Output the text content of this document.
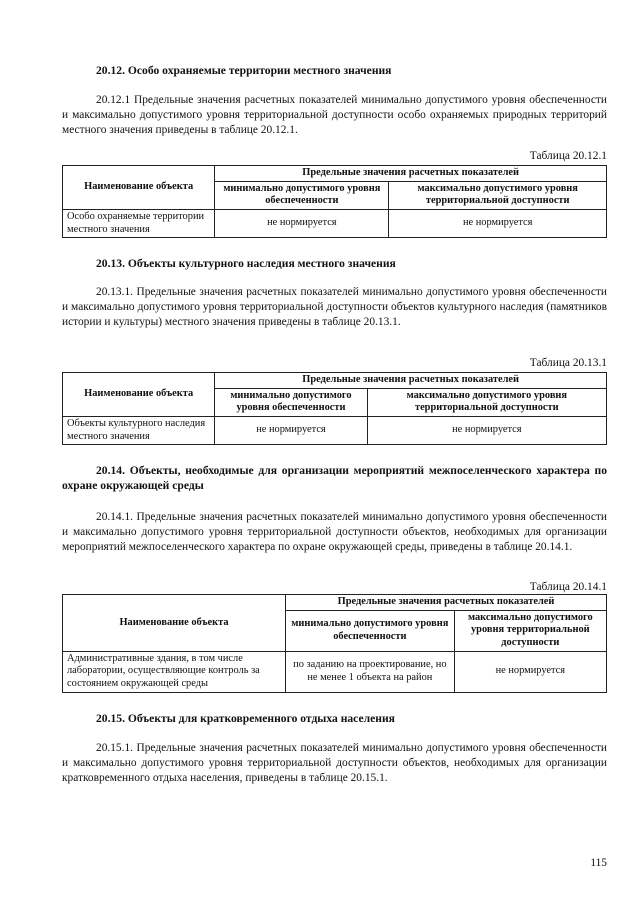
20.12. Особо охраняемые территории местного значения

20.12.1 Предельные значения расчетных показателей минимально допустимого уровня обеспеченности и максимально допустимого уровня территориальной доступности особо охраняемых природных территорий местного значения приведены в таблице 20.12.1.

Таблица 20.12.1

Наименование объекта	Предельные значения расчетных показателей	
	минимально допустимого уровня обеспеченности	максимально допустимого уровня территориальной доступности
Особо охраняемые территории местного значения	не нормируется	не нормируется

20.13. Объекты культурного наследия местного значения

20.13.1. Предельные значения расчетных показателей минимально допустимого уровня обеспеченности и максимально допустимого уровня территориальной доступности объектов культурного наследия (памятников истории и культуры) местного значения приведены в таблице 20.13.1.

Таблица 20.13.1

Наименование объекта	Предельные значения расчетных показателей	
	минимально допустимого уровня обеспеченности	максимально допустимого уровня территориальной доступности
Объекты культурного наследия местного значения	не нормируется	не нормируется

20.14. Объекты, необходимые для организации мероприятий межпоселенческого характера по охране окружающей среды

20.14.1. Предельные значения расчетных показателей минимально допустимого уровня обеспеченности и максимально допустимого уровня территориальной доступности объектов, необходимых для организации мероприятий межпоселенческого характера по охране окружающей среды, приведены в таблице 20.14.1.

Таблица 20.14.1

Наименование объекта	Предельные значения расчетных показателей	
	минимально допустимого уровня обеспеченности	максимально допустимого уровня территориальной доступности
Административные здания, в том числе лаборатории, осуществляющие контроль за состоянием окружающей среды	по заданию на проектирование, но не менее 1 объекта на район	не нормируется

20.15. Объекты для кратковременного отдыха населения

20.15.1. Предельные значения расчетных показателей минимально допустимого уровня обеспеченности и максимально допустимого уровня территориальной доступности объектов, необходимых для организации кратковременного отдыха населения, приведены в таблице 20.15.1.

115
